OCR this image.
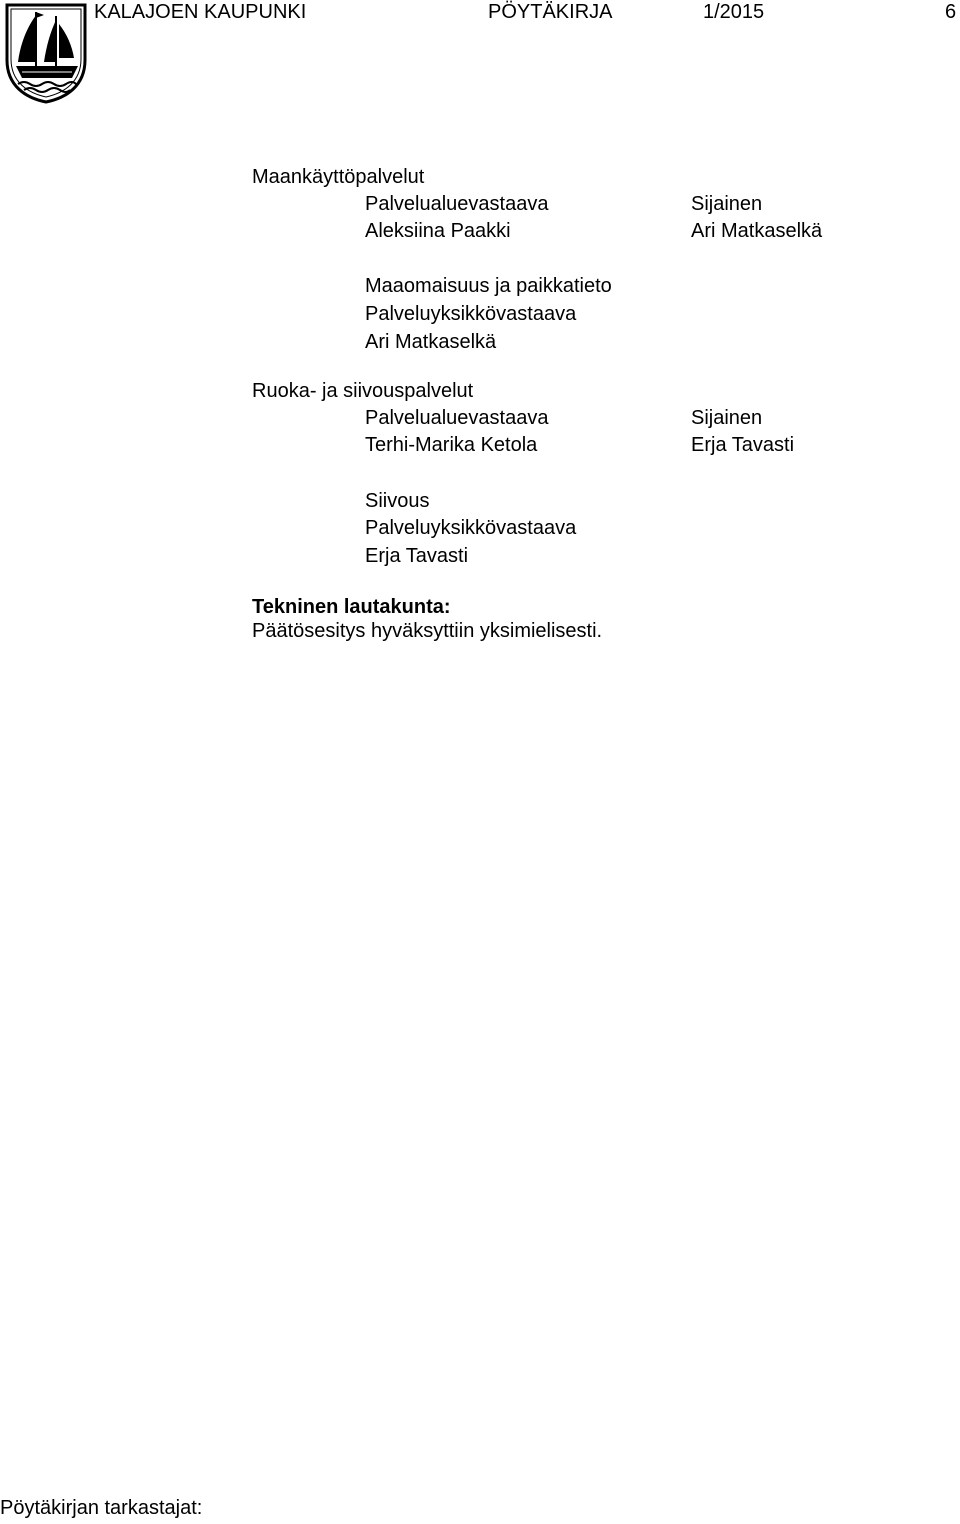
KALAJOEN KAUPUNKI	PÖYTÄKIRJA	1/2015	6
Maankäyttöpalvelut
Palvelualuevastaava	Sijainen
Aleksiina Paakki	Ari Matkaselkä
Maaomaisuus ja paikkatieto
Palveluyksikkövastaava
Ari Matkaselkä
Ruoka- ja siivouspalvelut
Palvelualuevastaava	Sijainen
Terhi-Marika Ketola	Erja Tavasti
Siivous
Palveluyksikkövastaava
Erja Tavasti
Tekninen lautakunta:
Päätösesitys hyväksyttiin yksimielisesti.
Pöytäkirjan tarkastajat:
